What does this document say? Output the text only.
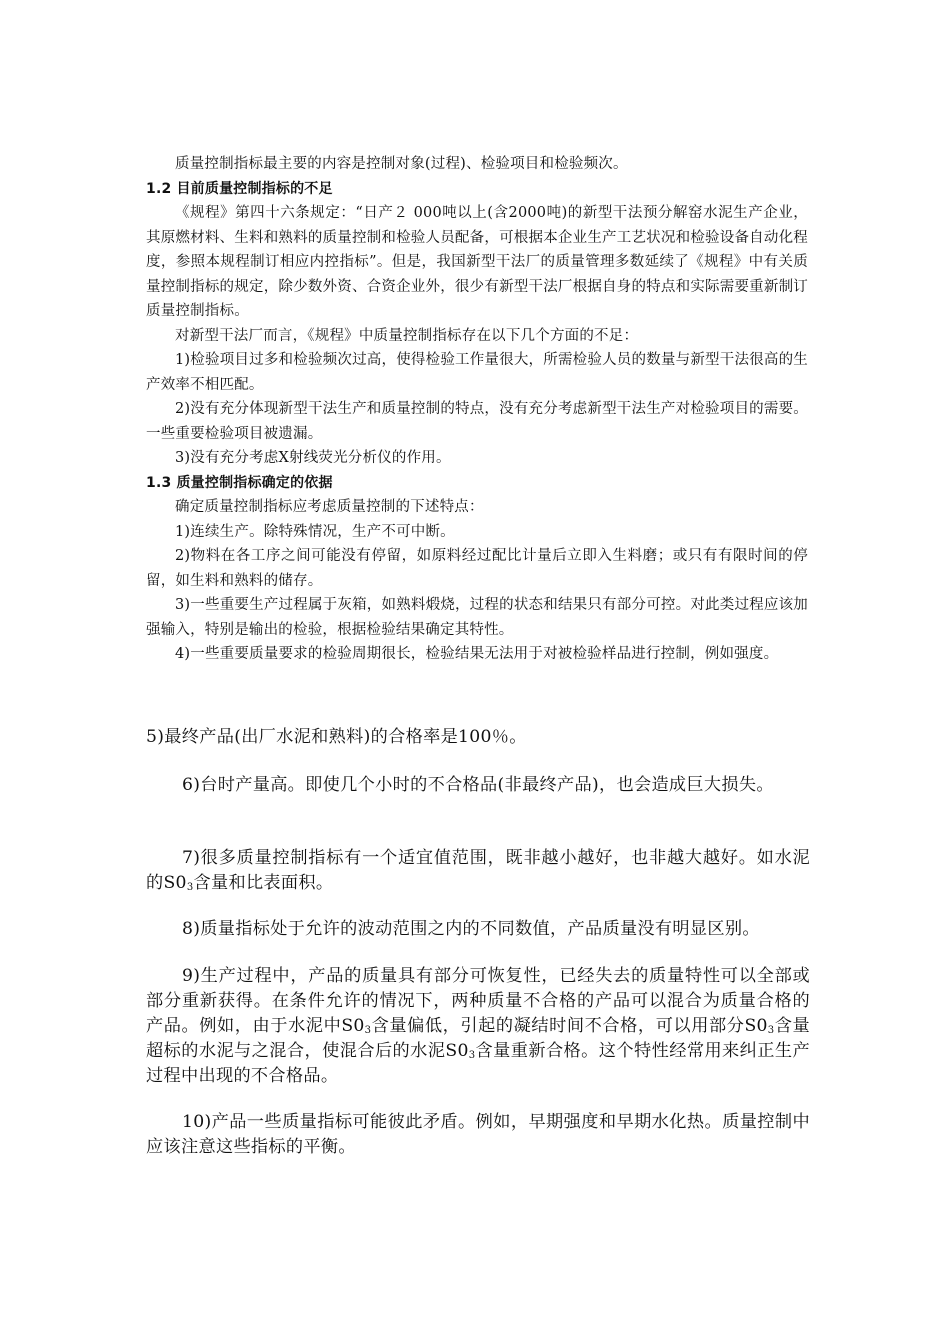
质量控制指标最主要的内容是控制对象(过程)、检验项目和检验频次。

1.2 目前质量控制指标的不足

《规程》第四十六条规定：“日产２ 000吨以上(含2000吨)的新型干法预分解窑水泥生产企业，其原燃材料、生料和熟料的质量控制和检验人员配备，可根据本企业生产工艺状况和检验设备自动化程度，参照本规程制订相应内控指标”。但是，我国新型干法厂的质量管理多数延续了《规程》中有关质量控制指标的规定，除少数外资、合资企业外，很少有新型干法厂根据自身的特点和实际需要重新制订质量控制指标。

对新型干法厂而言，《规程》中质量控制指标存在以下几个方面的不足：

1)检验项目过多和检验频次过高，使得检验工作量很大，所需检验人员的数量与新型干法很高的生产效率不相匹配。

2)没有充分体现新型干法生产和质量控制的特点，没有充分考虑新型干法生产对检验项目的需要。一些重要检验项目被遗漏。

3)没有充分考虑X射线荧光分析仪的作用。

1.3 质量控制指标确定的依据

确定质量控制指标应考虑质量控制的下述特点：

1)连续生产。除特殊情况，生产不可中断。

2)物料在各工序之间可能没有停留，如原料经过配比计量后立即入生料磨；或只有有限时间的停留，如生料和熟料的储存。

3)一些重要生产过程属于灰箱，如熟料煅烧，过程的状态和结果只有部分可控。对此类过程应该加强输入，特别是输出的检验，根据检验结果确定其特性。

4)一些重要质量要求的检验周期很长，检验结果无法用于对被检验样品进行控制，例如强度。

5)最终产品(出厂水泥和熟料)的合格率是100％。

6)台时产量高。即使几个小时的不合格品(非最终产品)，也会造成巨大损失。

7)很多质量控制指标有一个适宜值范围，既非越小越好，也非越大越好。如水泥的$S0_3$含量和比表面积。

8)质量指标处于允许的波动范围之内的不同数值，产品质量没有明显区别。

9)生产过程中，产品的质量具有部分可恢复性，已经失去的质量特性可以全部或部分重新获得。在条件允许的情况下，两种质量不合格的产品可以混合为质量合格的产品。例如，由于水泥中$S0_3$含量偏低，引起的凝结时间不合格，可以用部分$S0_3$含量超标的水泥与之混合，使混合后的水泥$S0_3$含量重新合格。这个特性经常用来纠正生产过程中出现的不合格品。

10)产品一些质量指标可能彼此矛盾。例如，早期强度和早期水化热。质量控制中应该注意这些指标的平衡。
